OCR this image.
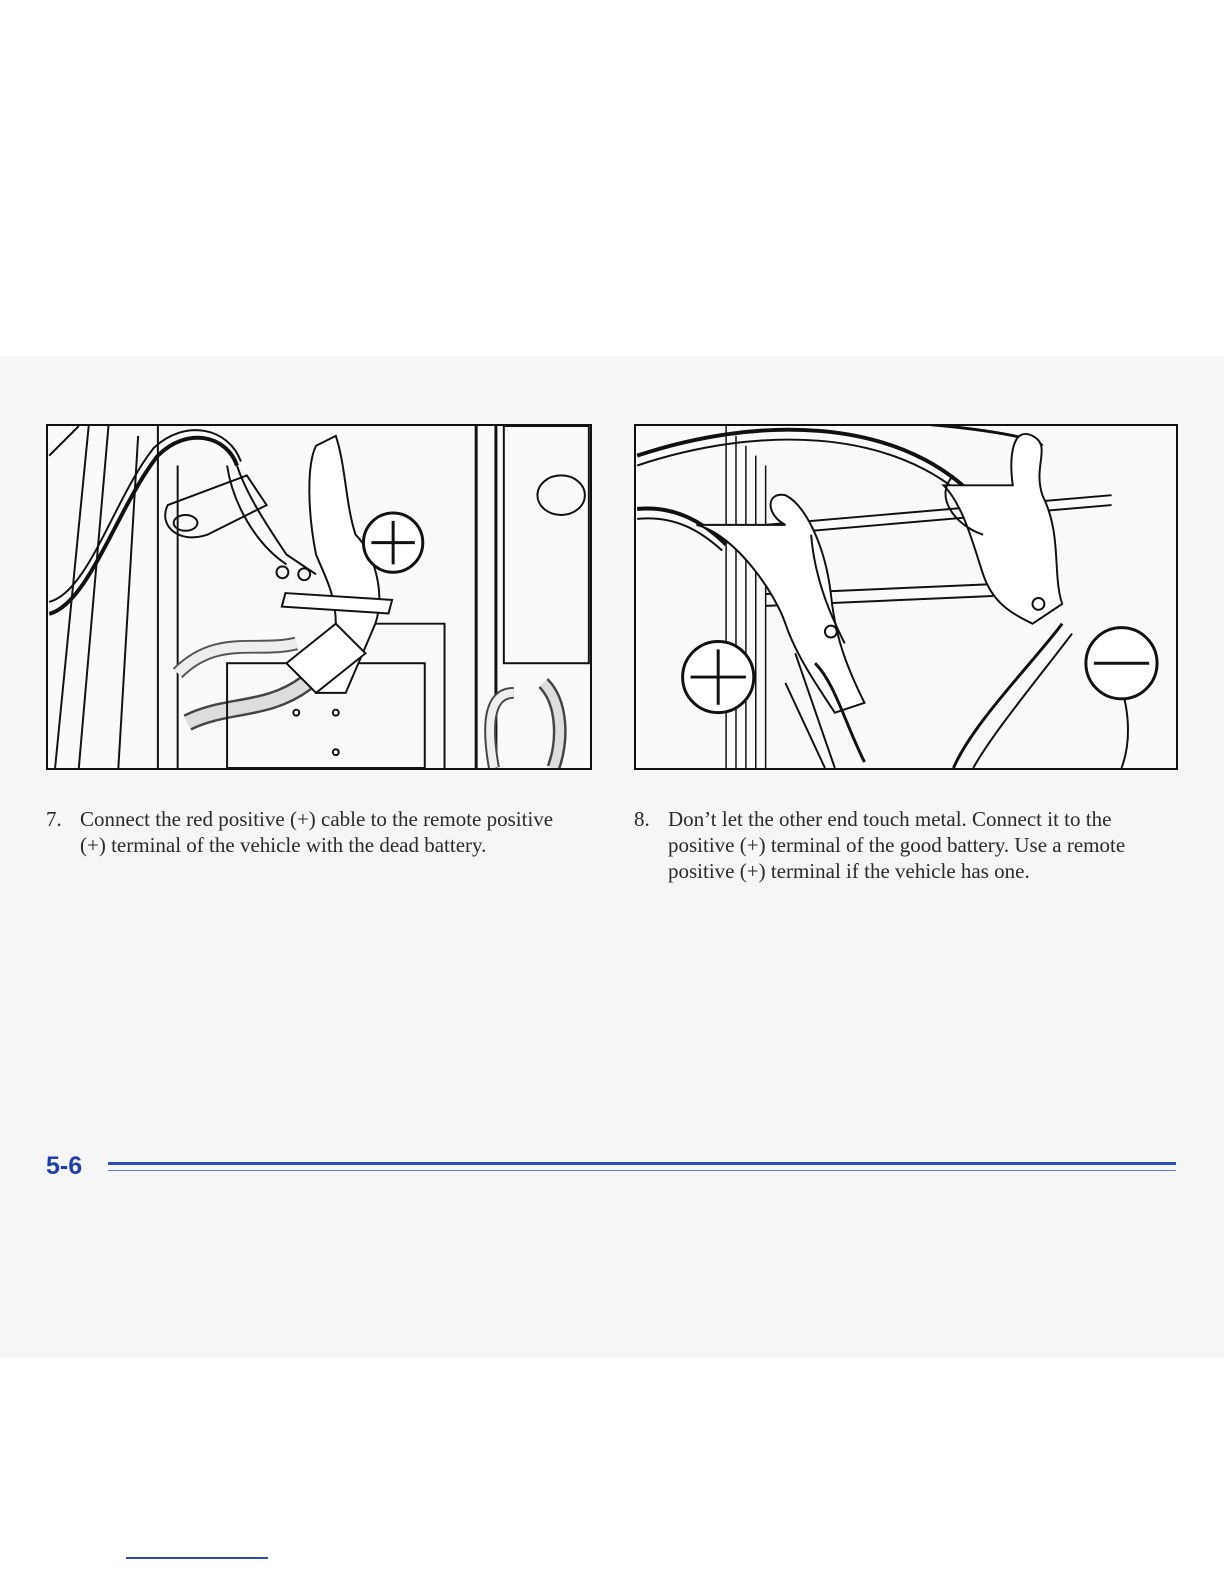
7. Connect the red positive (+) cable to the remote positive (+) terminal of the vehicle with the dead battery.
8. Don’t let the other end touch metal. Connect it to the positive (+) terminal of the good battery. Use a remote positive (+) terminal if the vehicle has one.
5-6
